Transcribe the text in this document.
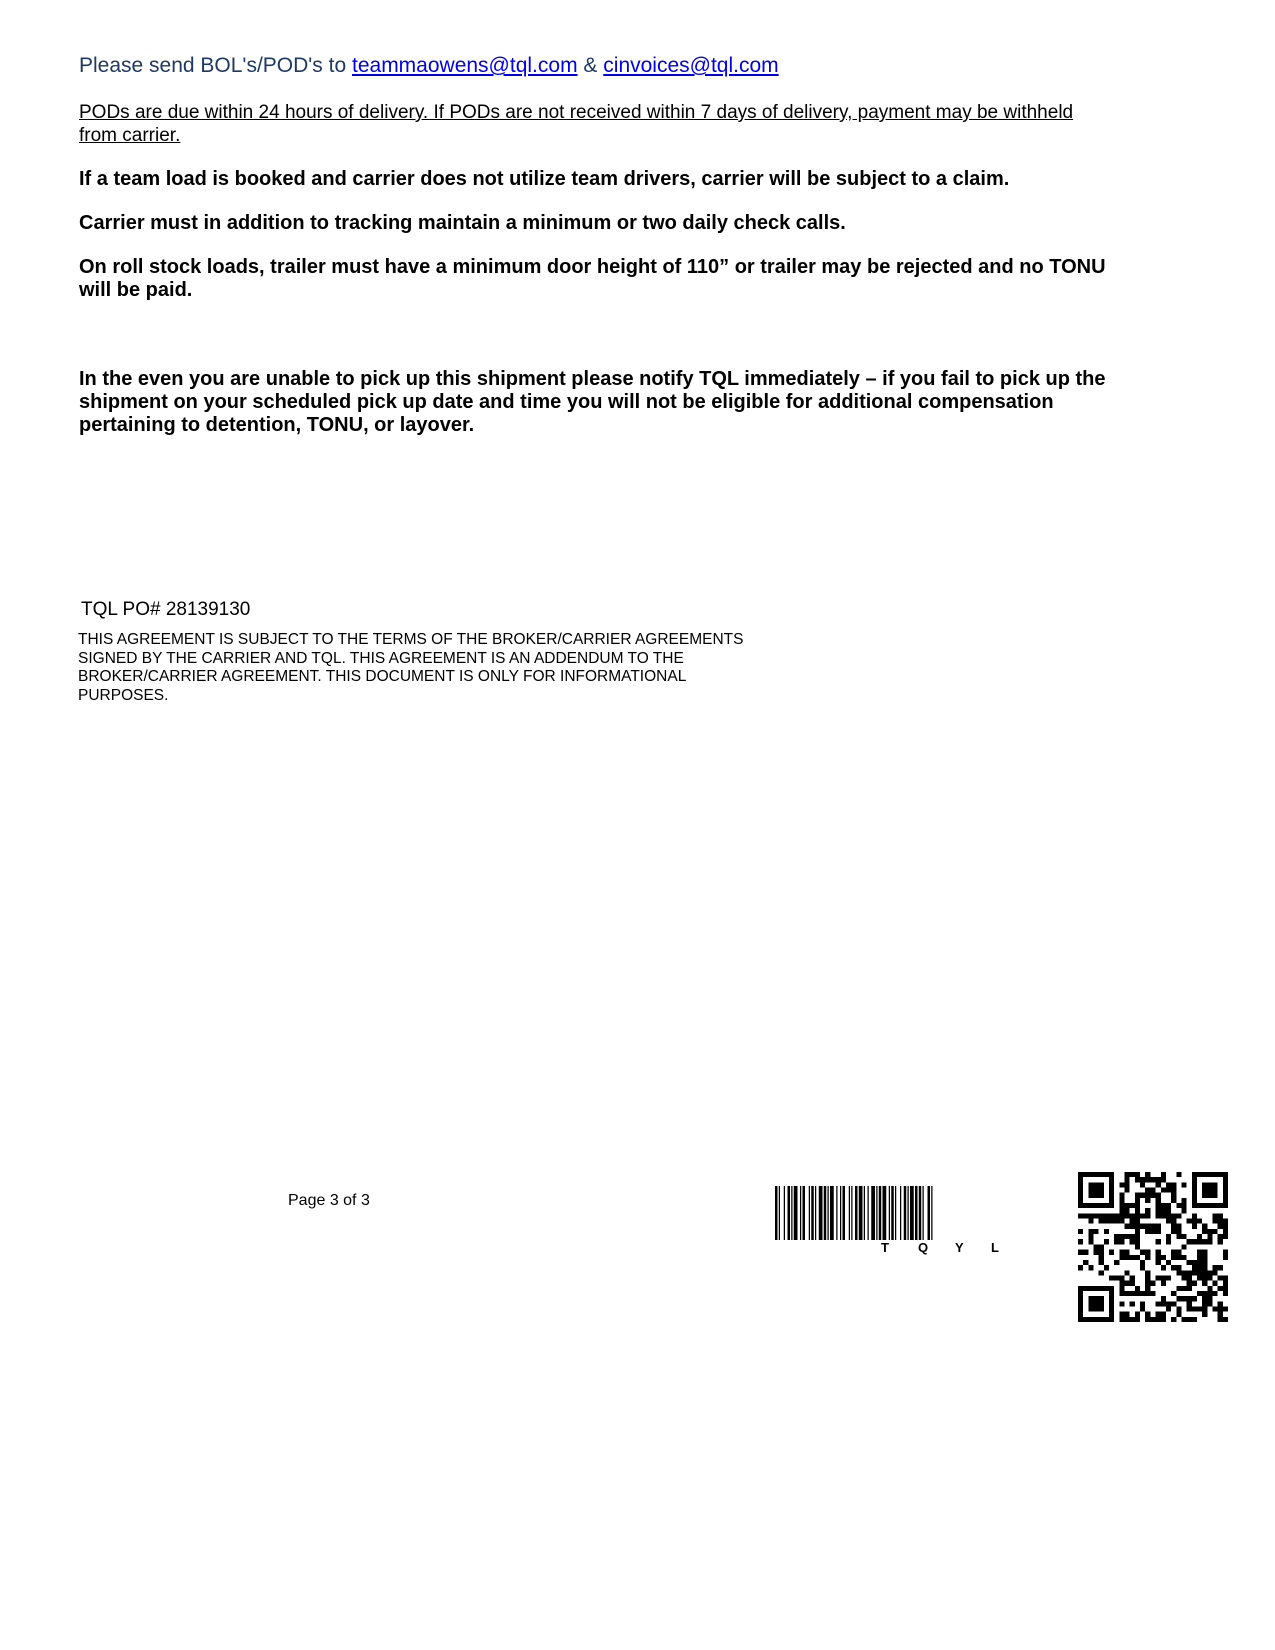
Please send BOL's/POD's to teammaowens@tql.com & cinvoices@tql.com
PODs are due within 24 hours of delivery. If PODs are not received within 7 days of delivery, payment may be withheld from carrier.
If a team load is booked and carrier does not utilize team drivers, carrier will be subject to a claim.
Carrier must in addition to tracking maintain a minimum or two daily check calls.
On roll stock loads, trailer must have a minimum door height of 110” or trailer may be rejected and no TONU will be paid.
In the even you are unable to pick up this shipment please notify TQL immediately – if you fail to pick up the shipment on your scheduled pick up date and time you will not be eligible for additional compensation pertaining to detention, TONU, or layover.
TQL PO# 28139130
THIS AGREEMENT IS SUBJECT TO THE TERMS OF THE BROKER/CARRIER AGREEMENTS SIGNED BY THE CARRIER AND TQL. THIS AGREEMENT IS AN ADDENDUM TO THE BROKER/CARRIER AGREEMENT. THIS DOCUMENT IS ONLY FOR INFORMATIONAL PURPOSES.
Page 3 of 3
T Q Y L
